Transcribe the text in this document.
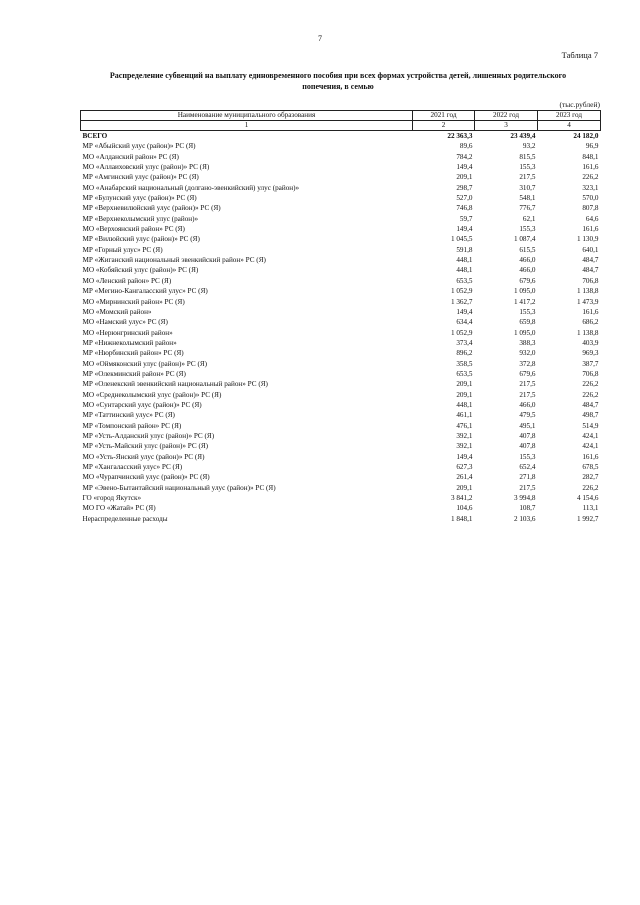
7
Таблица 7
Распределение субвенций на выплату единовременного пособия при всех формах устройства детей, лишенных родительского
попечения, в семью
(тыс.рублей)
Наименование муниципального образования	2021 год	2022 год	2023 год
1	2	3	4
ВСЕГО	22 363,3	23 439,4	24 182,0
МР «Абыйский улус (район)» РС (Я)	89,6	93,2	96,9
МО «Алданский район» РС (Я)	784,2	815,5	848,1
МО «Аллаиховский улус (район)» РС (Я)	149,4	155,3	161,6
МР «Амгинский улус (район)» РС (Я)	209,1	217,5	226,2
МО «Анабарский национальный (долгано-эвенкийский) улус (район)»	298,7	310,7	323,1
МР «Булунский улус (район)» РС (Я)	527,0	548,1	570,0
МР «Верхневилюйский улус (район)» РС (Я)	746,8	776,7	807,8
МР «Верхнеколымский улус (район)»	59,7	62,1	64,6
МО «Верхоянский район» РС (Я)	149,4	155,3	161,6
МР «Вилюйский улус (район)» РС (Я)	1 045,5	1 087,4	1 130,9
МР «Горный улус» РС (Я)	591,8	615,5	640,1
МР «Жиганский национальный эвенкийский район» РС (Я)	448,1	466,0	484,7
МО «Кобяйский улус (район)» РС (Я)	448,1	466,0	484,7
МО «Ленский район» РС (Я)	653,5	679,6	706,8
МР «Мегино-Кангаласский улус» РС (Я)	1 052,9	1 095,0	1 138,8
МО «Мирнинский район» РС (Я)	1 362,7	1 417,2	1 473,9
МО «Момский район»	149,4	155,3	161,6
МО «Намский улус» РС (Я)	634,4	659,8	686,2
МО «Нерюнгринский район»	1 052,9	1 095,0	1 138,8
МР «Нижнеколымский район»	373,4	388,3	403,9
МР «Нюрбинский район» РС (Я)	896,2	932,0	969,3
МО «Оймяконский улус (район)» РС (Я)	358,5	372,8	387,7
МР «Олекминский район» РС (Я)	653,5	679,6	706,8
МР «Оленекский эвенкийский национальный район» РС (Я)	209,1	217,5	226,2
МО «Среднеколымский улус (район)» РС (Я)	209,1	217,5	226,2
МО «Сунтарский улус (район)» РС (Я)	448,1	466,0	484,7
МР «Таттинский улус» РС (Я)	461,1	479,5	498,7
МР «Томпонский район» РС (Я)	476,1	495,1	514,9
МР «Усть-Алданский улус (район)» РС (Я)	392,1	407,8	424,1
МР «Усть-Майский улус (район)» РС (Я)	392,1	407,8	424,1
МО «Усть-Янский улус (район)» РС (Я)	149,4	155,3	161,6
МР «Хангаласский улус» РС (Я)	627,3	652,4	678,5
МО «Чурапчинский улус (район)» РС (Я)	261,4	271,8	282,7
МР «Эвено-Бытантайский национальный улус (район)» РС (Я)	209,1	217,5	226,2
ГО «город Якутск»	3 841,2	3 994,8	4 154,6
МО ГО «Жатай» РС (Я)	104,6	108,7	113,1
Нераспределенные расходы	1 848,1	2 103,6	1 992,7
